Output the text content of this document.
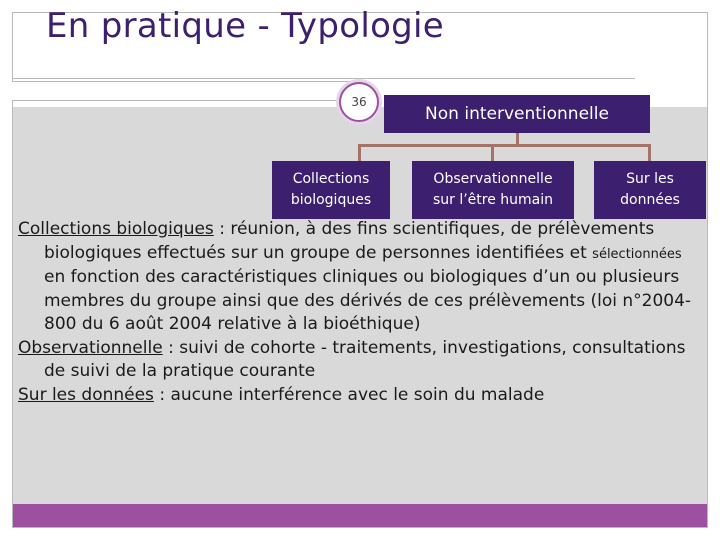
En pratique - Typologie
36
Non interventionnelle
Collections
biologiques
Observationnelle
sur l’être humain
Sur les
données

Collections biologiques : réunion, à des fins scientifiques, de prélèvements biologiques effectués sur un groupe de personnes identifiées et sélectionnées en fonction des caractéristiques cliniques ou biologiques d’un ou plusieurs membres du groupe ainsi que des dérivés de ces prélèvements (loi n°2004-800 du 6 août 2004 relative à la bioéthique)

Observationnelle : suivi de cohorte - traitements, investigations, consultations de suivi de la pratique courante

Sur les données : aucune interférence avec le soin du malade
